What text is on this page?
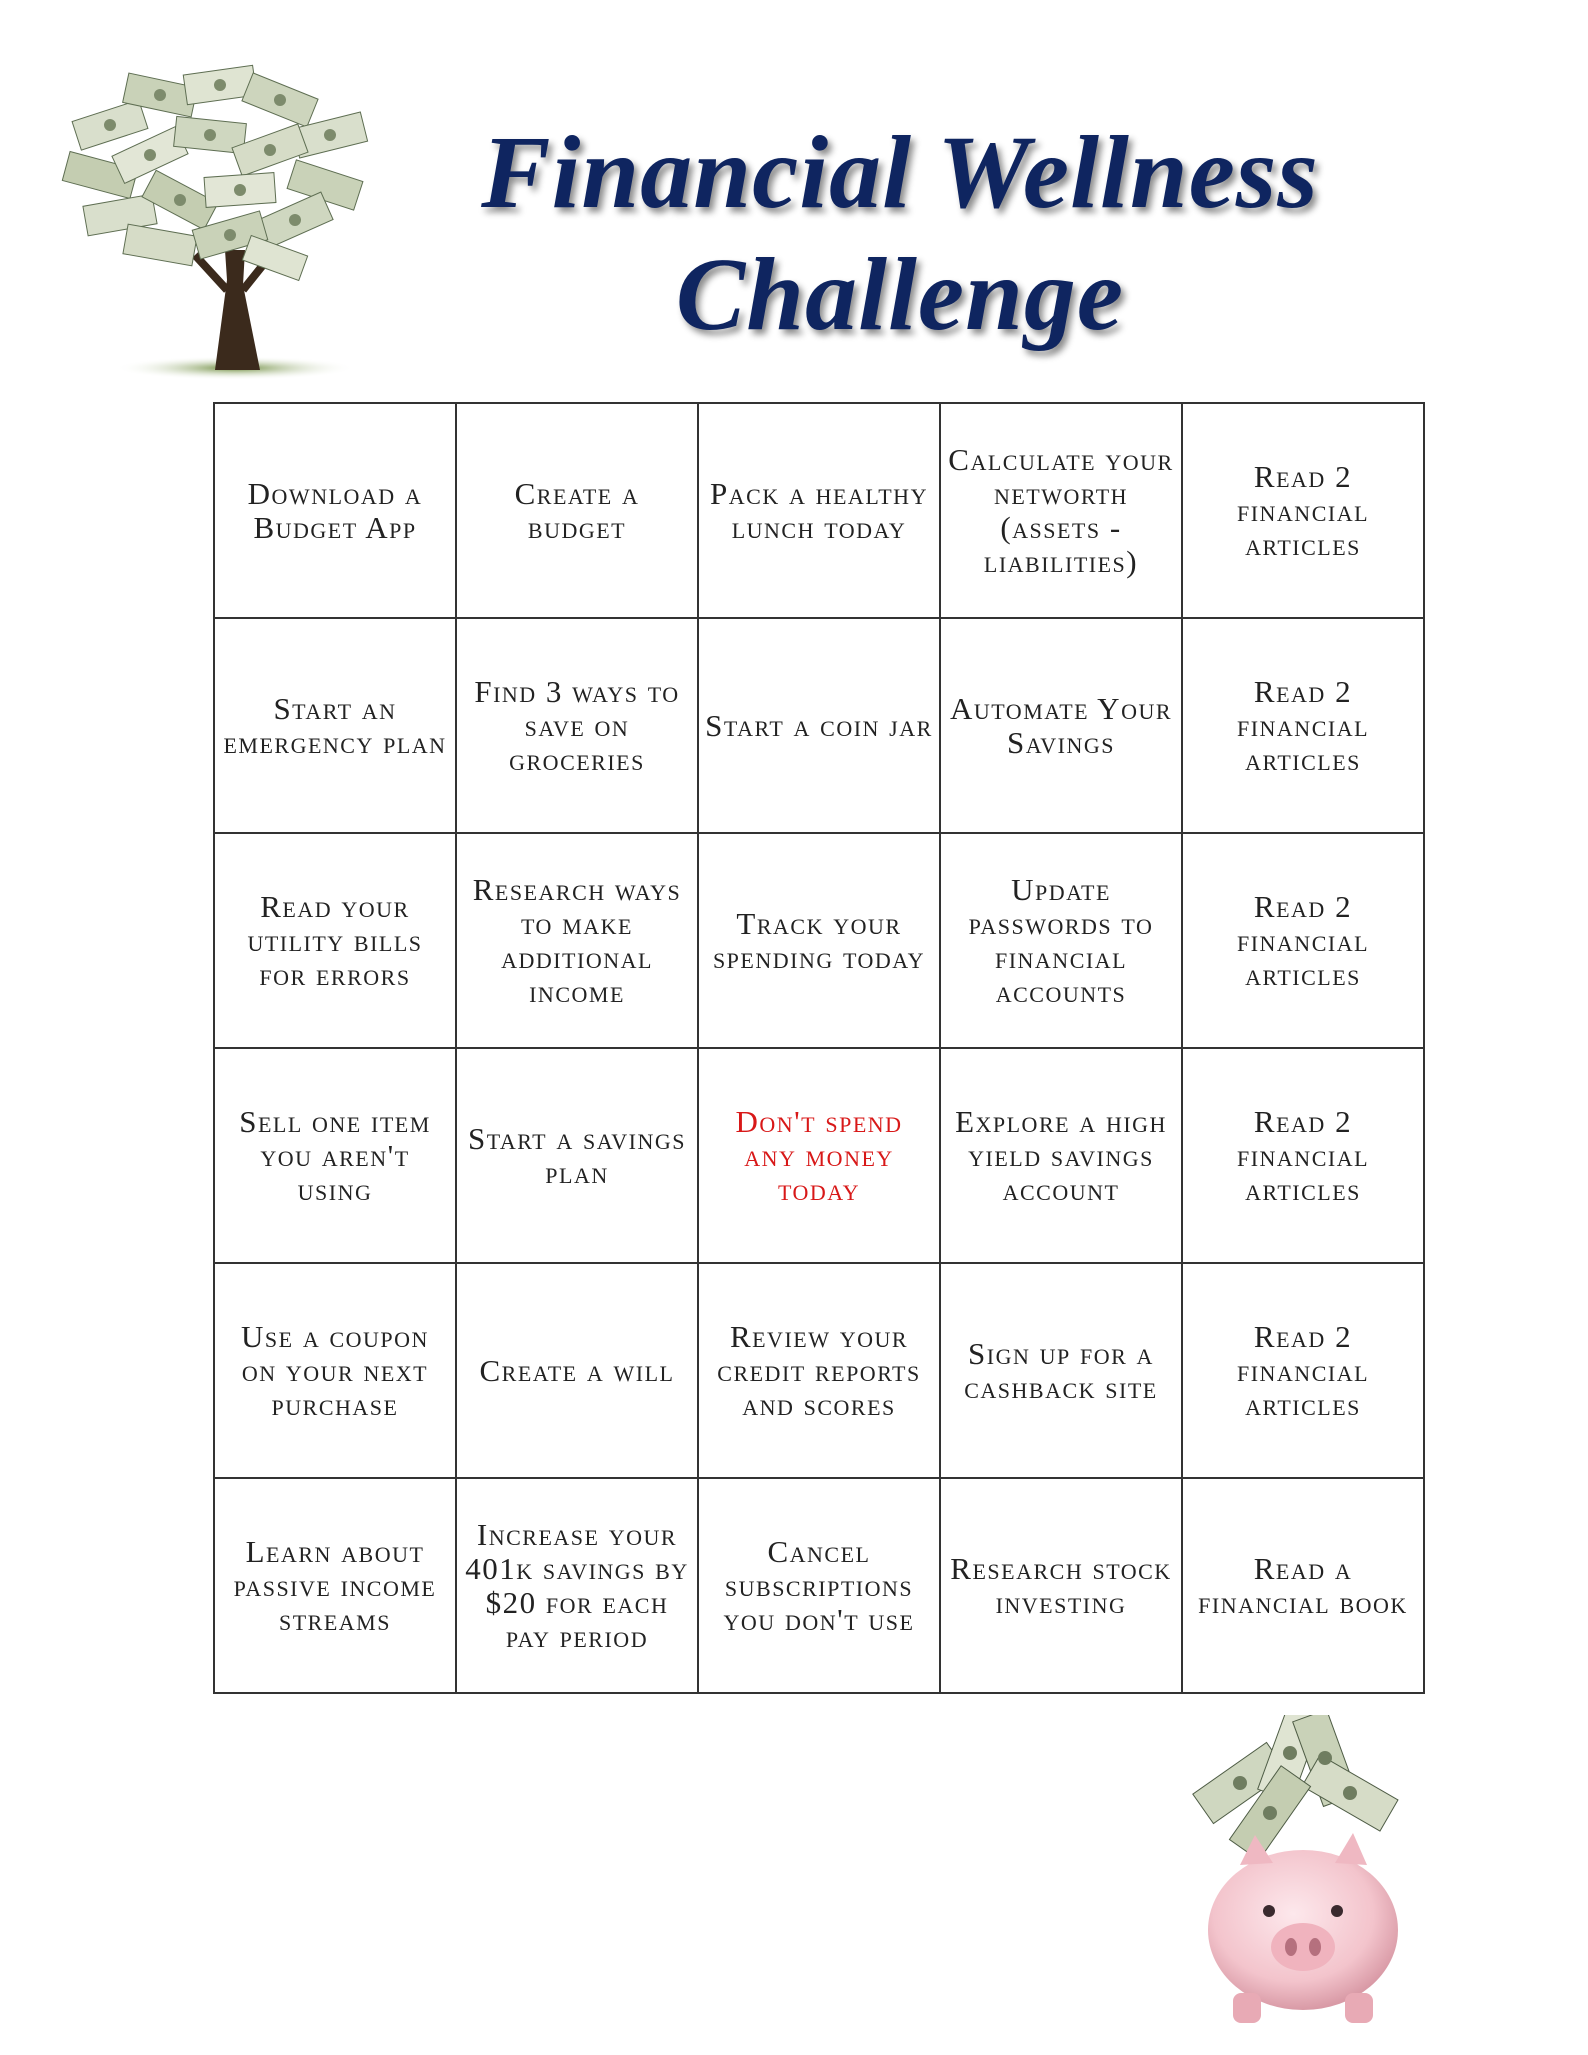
Financial Wellness
Challenge
Download a Budget App
Create a budget
Pack a healthy lunch today
Calculate your networth (assets - liabilities)
Read 2 financial articles
Start an emergency plan
Find 3 ways to save on groceries
Start a coin jar Automate Your Savings
Read 2 financial articles
Read your utility bills for errors
Research ways to make additional income
Track your spending today
Update passwords to financial accounts
Read 2 financial articles
Sell one item you aren't using
Start a savings plan
Don't spend any money today
Explore a high yield savings account
Read 2 financial articles
Use a coupon on your next purchase
Create a will
Review your credit reports and scores
Sign up for a cashback site
Read 2 financial articles
Learn about passive income streams
Increase your 401k savings by $20 for each pay period
Cancel subscriptions you don't use
Research stock investing
Read a financial book
